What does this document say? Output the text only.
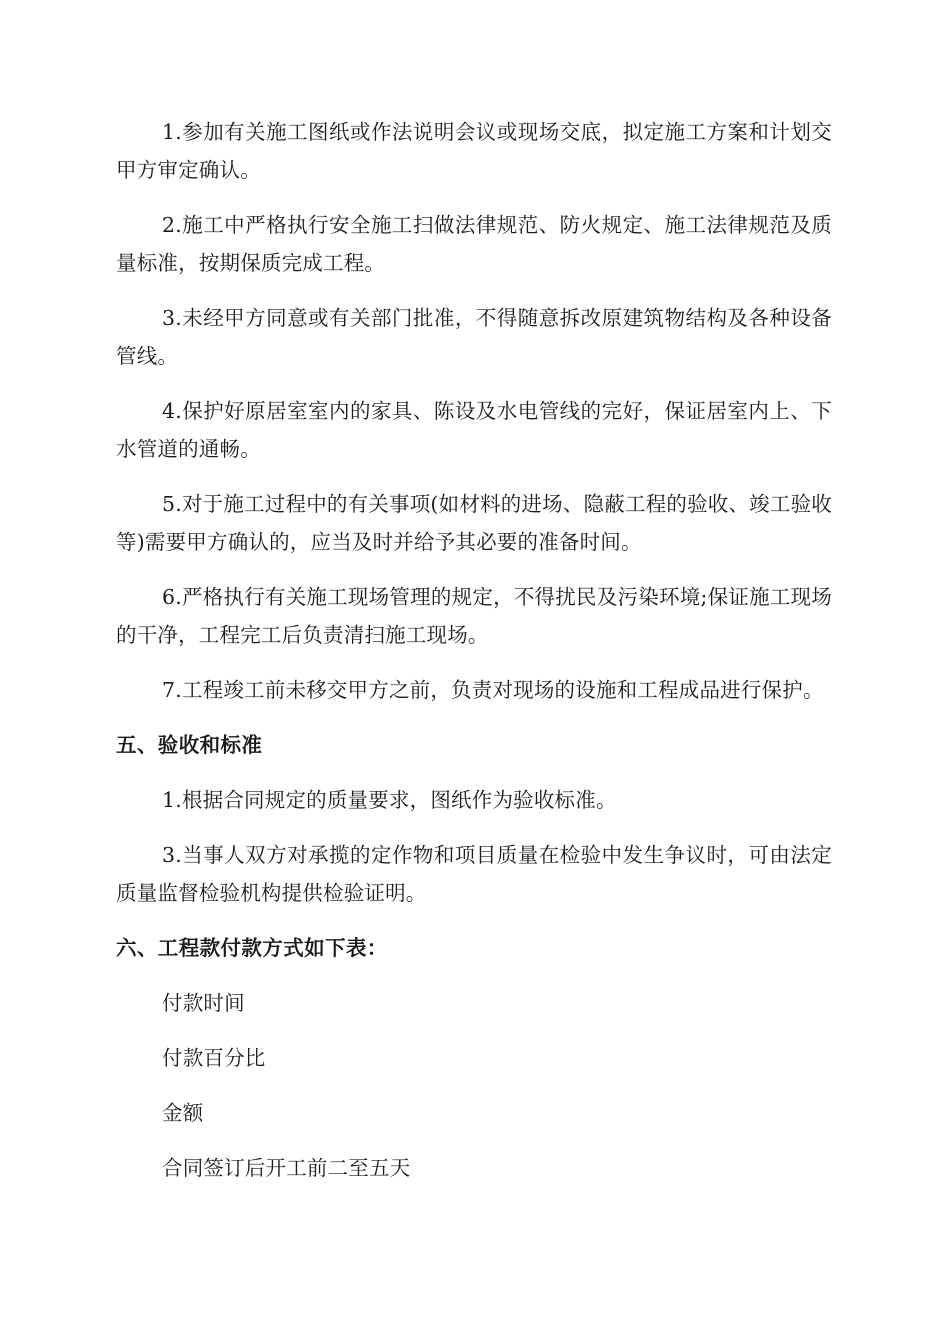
1.参加有关施工图纸或作法说明会议或现场交底，拟定施工方案和计划交甲方审定确认。

2.施工中严格执行安全施工扫做法律规范、防火规定、施工法律规范及质量标准，按期保质完成工程。

3.未经甲方同意或有关部门批准，不得随意拆改原建筑物结构及各种设备管线。

4.保护好原居室室内的家具、陈设及水电管线的完好，保证居室内上、下水管道的通畅。

5.对于施工过程中的有关事项(如材料的进场、隐蔽工程的验收、竣工验收等)需要甲方确认的，应当及时并给予其必要的准备时间。

6.严格执行有关施工现场管理的规定，不得扰民及污染环境;保证施工现场的干净，工程完工后负责清扫施工现场。

7.工程竣工前未移交甲方之前，负责对现场的设施和工程成品进行保护。

五、验收和标准

1.根据合同规定的质量要求，图纸作为验收标准。

3.当事人双方对承揽的定作物和项目质量在检验中发生争议时，可由法定质量监督检验机构提供检验证明。

六、工程款付款方式如下表：
付款时间
付款百分比
金额
合同签订后开工前二至五天
